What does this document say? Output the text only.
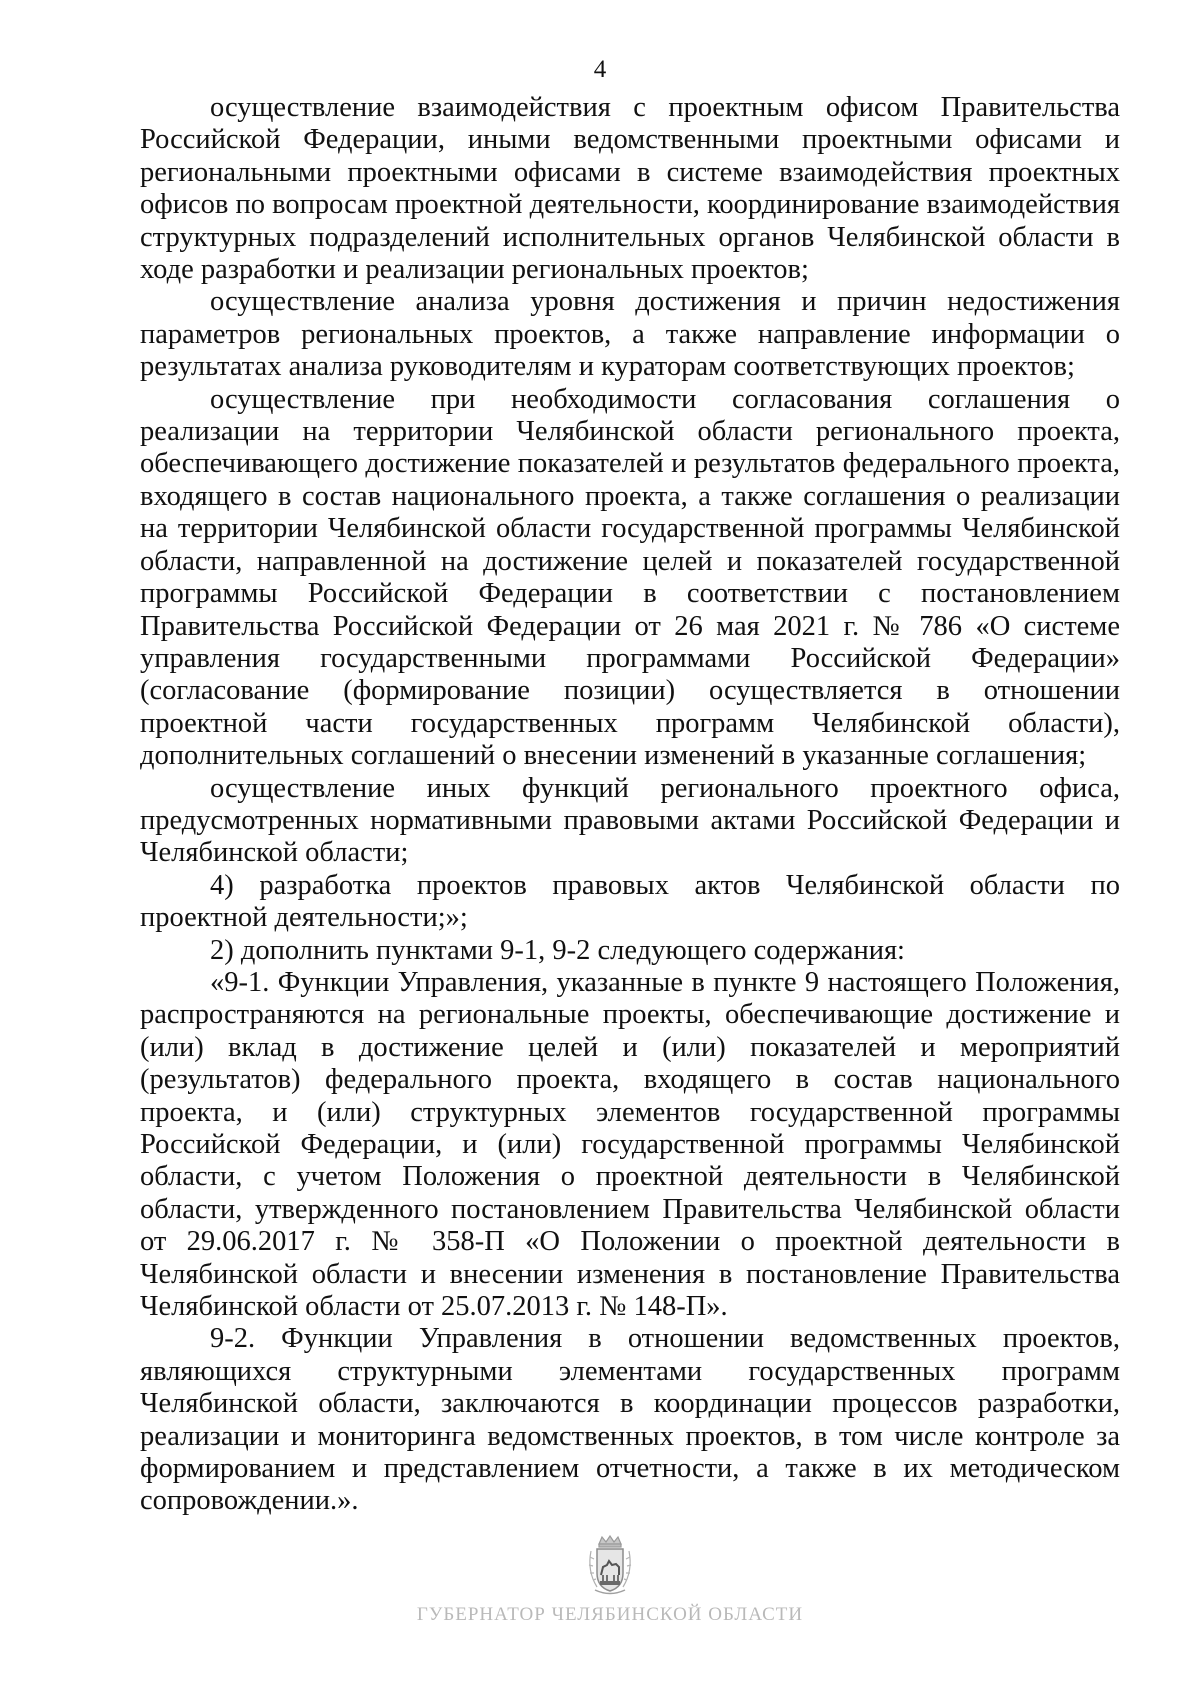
4

осуществление взаимодействия с проектным офисом Правительства Российской Федерации, иными ведомственными проектными офисами и региональными проектными офисами в системе взаимодействия проектных офисов по вопросам проектной деятельности, координирование взаимодействия структурных подразделений исполнительных органов Челябинской области в ходе разработки и реализации региональных проектов;

осуществление анализа уровня достижения и причин недостижения параметров региональных проектов, а также направление информации о результатах анализа руководителям и кураторам соответствующих проектов;

осуществление при необходимости согласования соглашения о реализации на территории Челябинской области регионального проекта, обеспечивающего достижение показателей и результатов федерального проекта, входящего в состав национального проекта, а также соглашения о реализации на территории Челябинской области государственной программы Челябинской области, направленной на достижение целей и показателей государственной программы Российской Федерации в соответствии с постановлением Правительства Российской Федерации от 26 мая 2021 г. № 786 «О системе управления государственными программами Российской Федерации» (согласование (формирование позиции) осуществляется в отношении проектной части государственных программ Челябинской области), дополнительных соглашений о внесении изменений в указанные соглашения;

осуществление иных функций регионального проектного офиса, предусмотренных нормативными правовыми актами Российской Федерации и Челябинской области;

4) разработка проектов правовых актов Челябинской области по проектной деятельности;»;

2) дополнить пунктами 9-1, 9-2 следующего содержания:

«9-1. Функции Управления, указанные в пункте 9 настоящего Положения, распространяются на региональные проекты, обеспечивающие достижение и (или) вклад в достижение целей и (или) показателей и мероприятий (результатов) федерального проекта, входящего в состав национального проекта, и (или) структурных элементов государственной программы Российской Федерации, и (или) государственной программы Челябинской области, с учетом Положения о проектной деятельности в Челябинской области, утвержденного постановлением Правительства Челябинской области от 29.06.2017 г. № 358-П «О Положении о проектной деятельности в Челябинской области и внесении изменения в постановление Правительства Челябинской области от 25.07.2013 г. № 148-П».

9-2. Функции Управления в отношении ведомственных проектов, являющихся структурными элементами государственных программ Челябинской области, заключаются в координации процессов разработки, реализации и мониторинга ведомственных проектов, в том числе контроле за формированием и представлением отчетности, а также в их методическом сопровождении.».

ГУБЕРНАТОР ЧЕЛЯБИНСКОЙ ОБЛАСТИ
